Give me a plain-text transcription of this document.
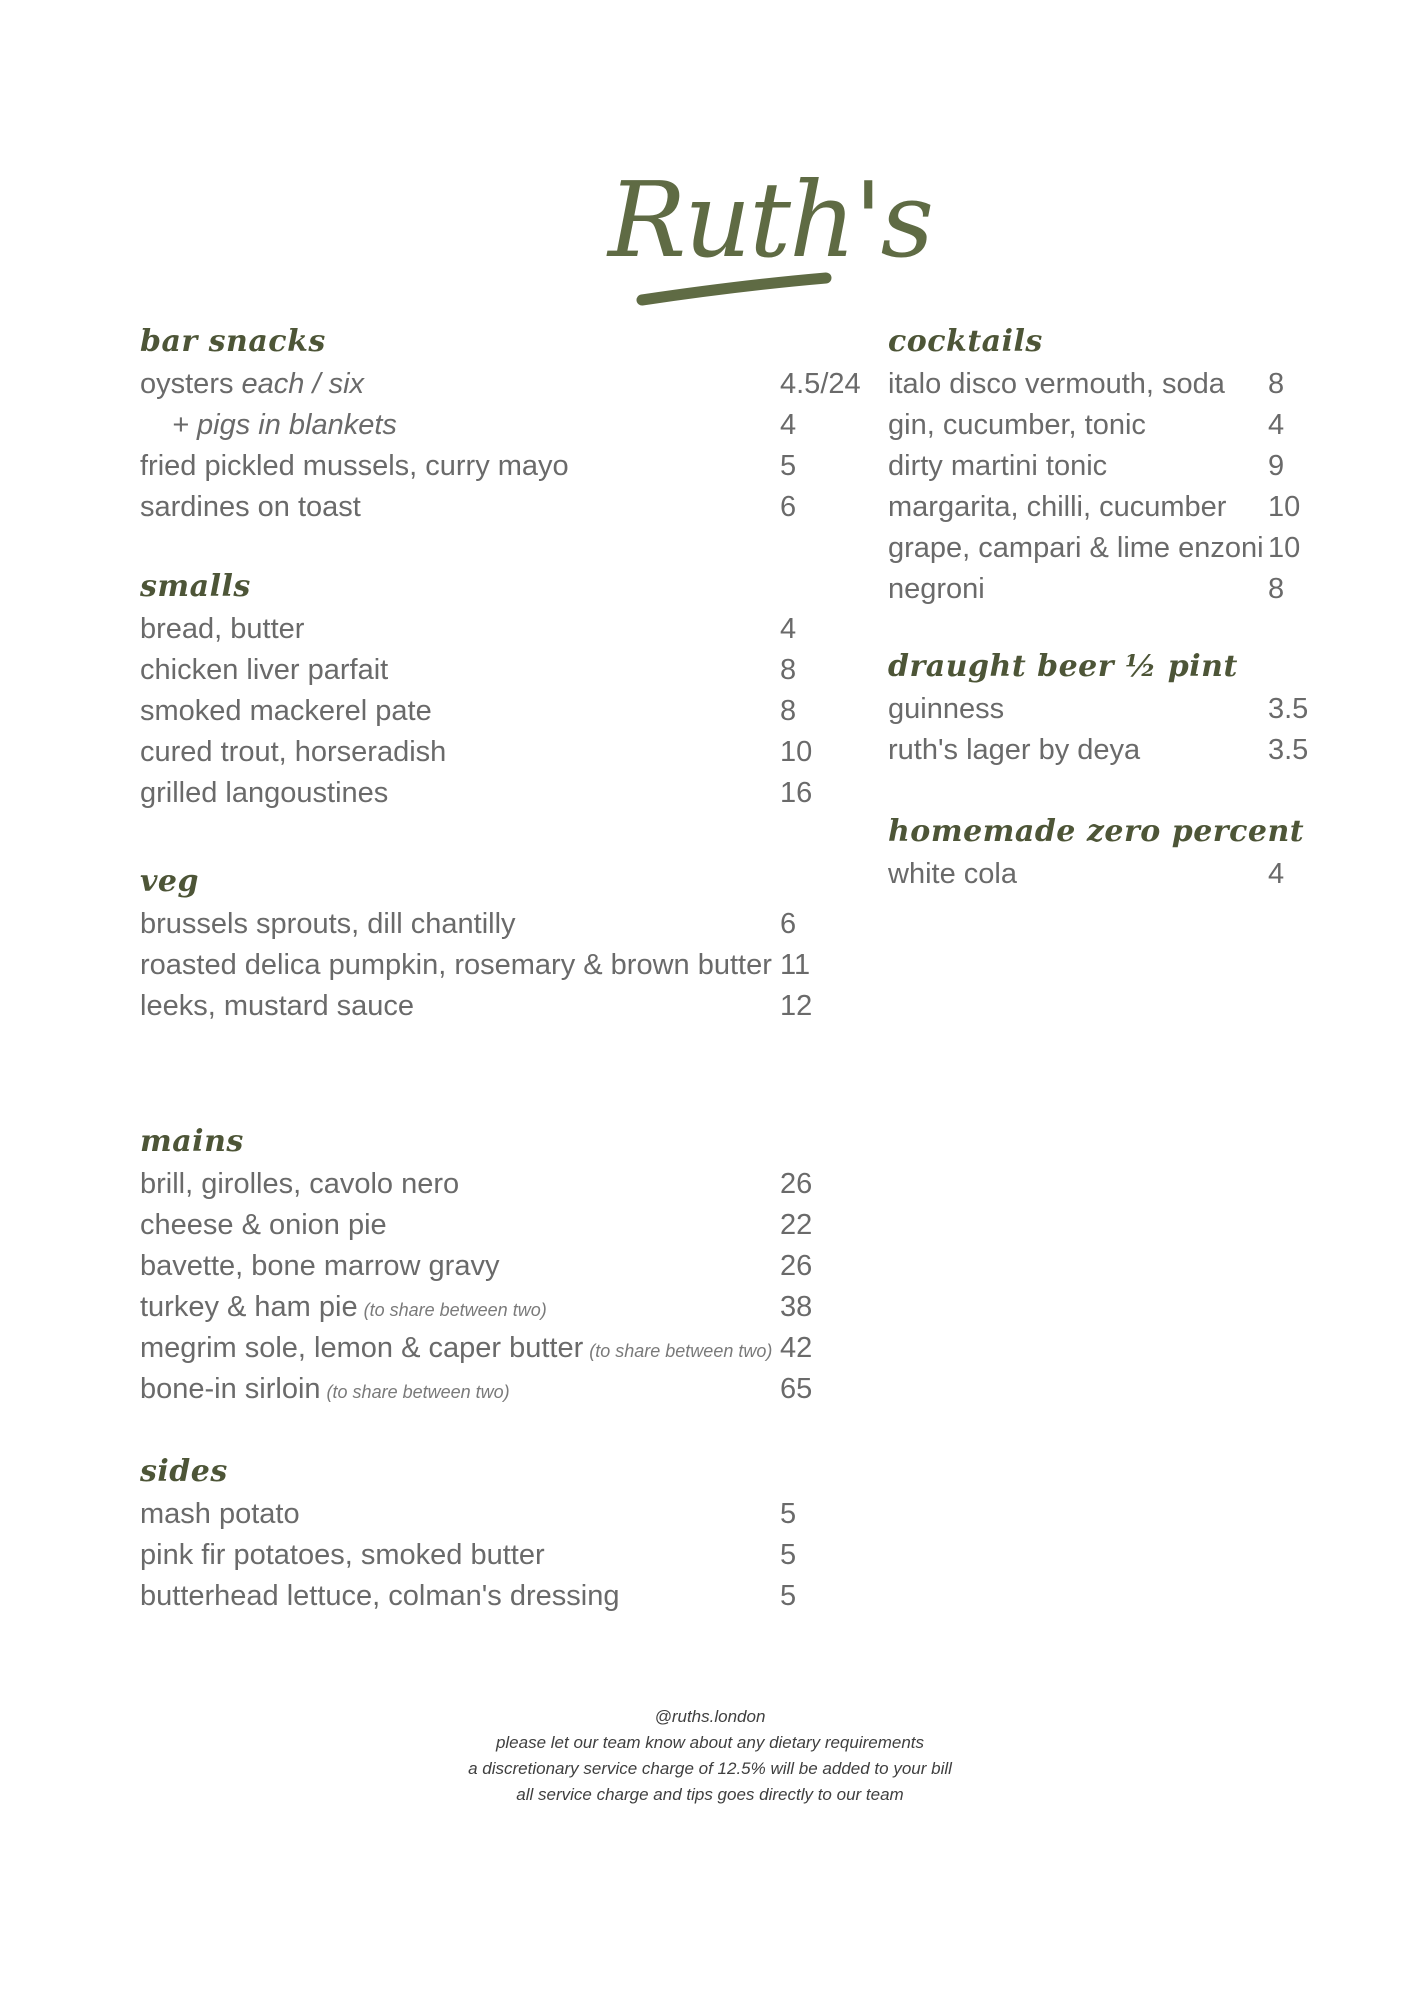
Ruth's
bar snacks
oysters each / six	4.5/24
+ pigs in blankets	4
fried pickled mussels, curry mayo	5
sardines on toast	6
smalls
bread, butter	4
chicken liver parfait	8
smoked mackerel pate	8
cured trout, horseradish	10
grilled langoustines	16
veg
brussels sprouts, dill chantilly	6
roasted delica pumpkin, rosemary & brown butter 11
leeks, mustard sauce	12
mains
brill, girolles, cavolo nero	26
cheese & onion pie	22
bavette, bone marrow gravy	26
turkey & ham pie (to share between two)	38
megrim sole, lemon & caper butter (to share between two) 42
bone-in sirloin (to share between two)	65
sides
mash potato	5
pink fir potatoes, smoked butter	5
butterhead lettuce, colman's dressing	5
cocktails
italo disco vermouth, soda 8
gin, cucumber, tonic	4
dirty martini tonic	9
margarita, chilli, cucumber 10
grape, campari & lime enzoni 10
negroni	8
draught beer ½ pint
guinness	3.5
ruth's lager by deya	3.5
homemade zero percent
white cola	4
@ruths.london
please let our team know about any dietary requirements
a discretionary service charge of 12.5% will be added to your bill
all service charge and tips goes directly to our team
